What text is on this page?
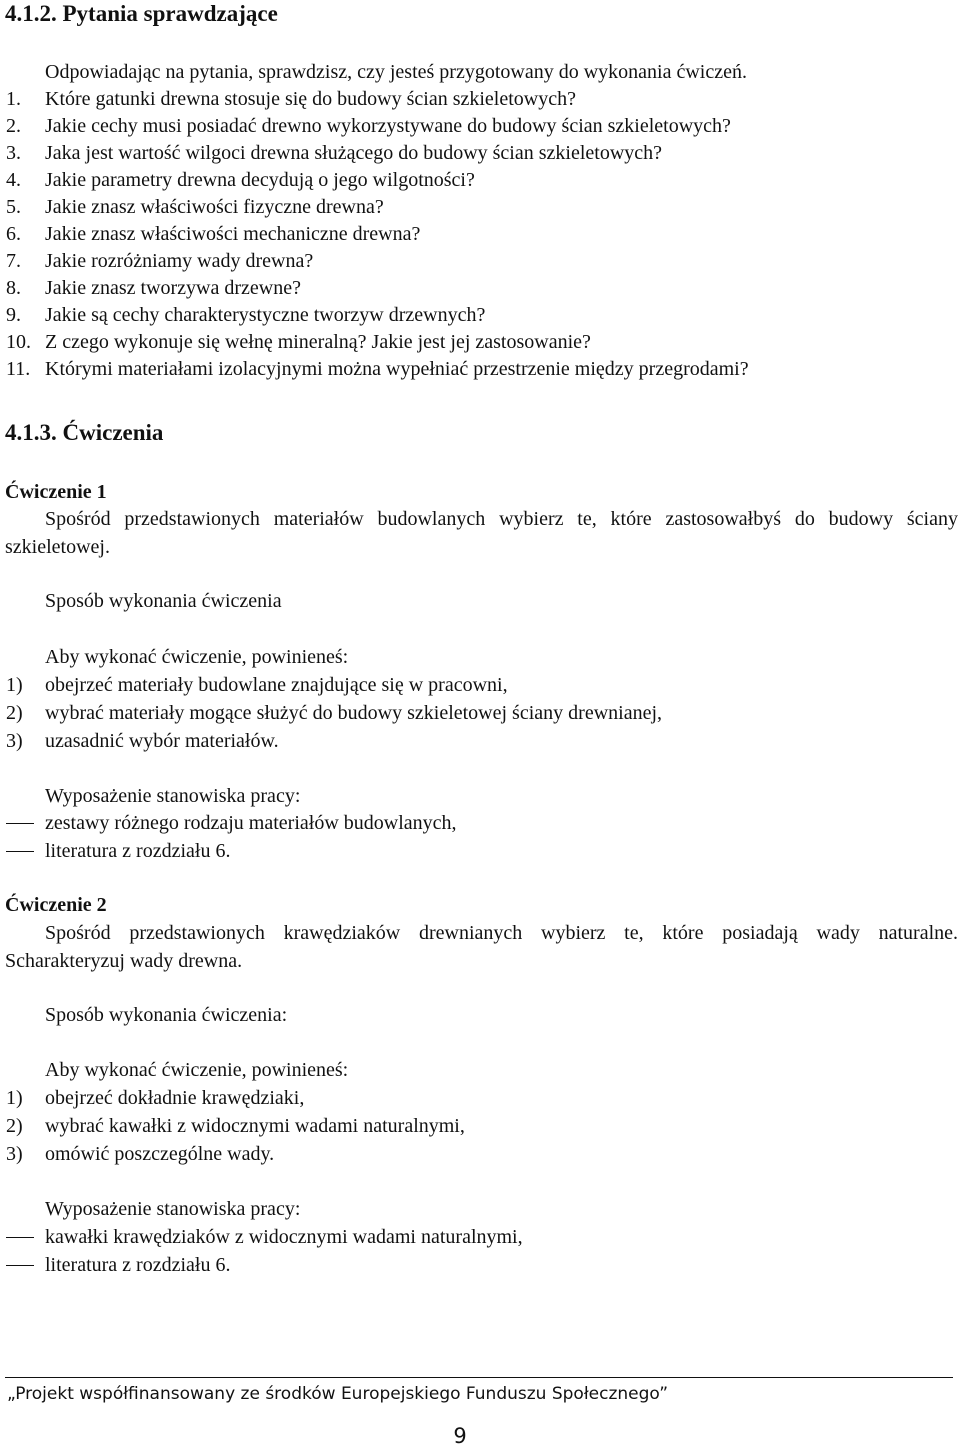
4.1.2. Pytania sprawdzające
Odpowiadając na pytania, sprawdzisz, czy jesteś przygotowany do wykonania ćwiczeń.
1. Które gatunki drewna stosuje się do budowy ścian szkieletowych?
2. Jakie cechy musi posiadać drewno wykorzystywane do budowy ścian szkieletowych?
3. Jaka jest wartość wilgoci drewna służącego do budowy ścian szkieletowych?
4. Jakie parametry drewna decydują o jego wilgotności?
5. Jakie znasz właściwości fizyczne drewna?
6. Jakie znasz właściwości mechaniczne drewna?
7. Jakie rozróżniamy wady drewna?
8. Jakie znasz tworzywa drzewne?
9. Jakie są cechy charakterystyczne tworzyw drzewnych?
10. Z czego wykonuje się wełnę mineralną? Jakie jest jej zastosowanie?
11. Którymi materiałami izolacyjnymi można wypełniać przestrzenie między przegrodami?
4.1.3. Ćwiczenia
Ćwiczenie 1
Spośród przedstawionych materiałów budowlanych wybierz te, które zastosowałbyś do budowy ściany szkieletowej.
Sposób wykonania ćwiczenia
Aby wykonać ćwiczenie, powinieneś:
1) obejrzeć materiały budowlane znajdujące się w pracowni,
2) wybrać materiały mogące służyć do budowy szkieletowej ściany drewnianej,
3) uzasadnić wybór materiałów.
Wyposażenie stanowiska pracy:
zestawy różnego rodzaju materiałów budowlanych,
literatura z rozdziału 6.
Ćwiczenie 2
Spośród przedstawionych krawędziaków drewnianych wybierz te, które posiadają wady naturalne. Scharakteryzuj wady drewna.
Sposób wykonania ćwiczenia:
Aby wykonać ćwiczenie, powinieneś:
1) obejrzeć dokładnie krawędziaki,
2) wybrać kawałki z widocznymi wadami naturalnymi,
3) omówić poszczególne wady.
Wyposażenie stanowiska pracy:
kawałki krawędziaków z widocznymi wadami naturalnymi,
literatura z rozdziału 6.
„Projekt współfinansowany ze środków Europejskiego Funduszu Społecznego”
9
